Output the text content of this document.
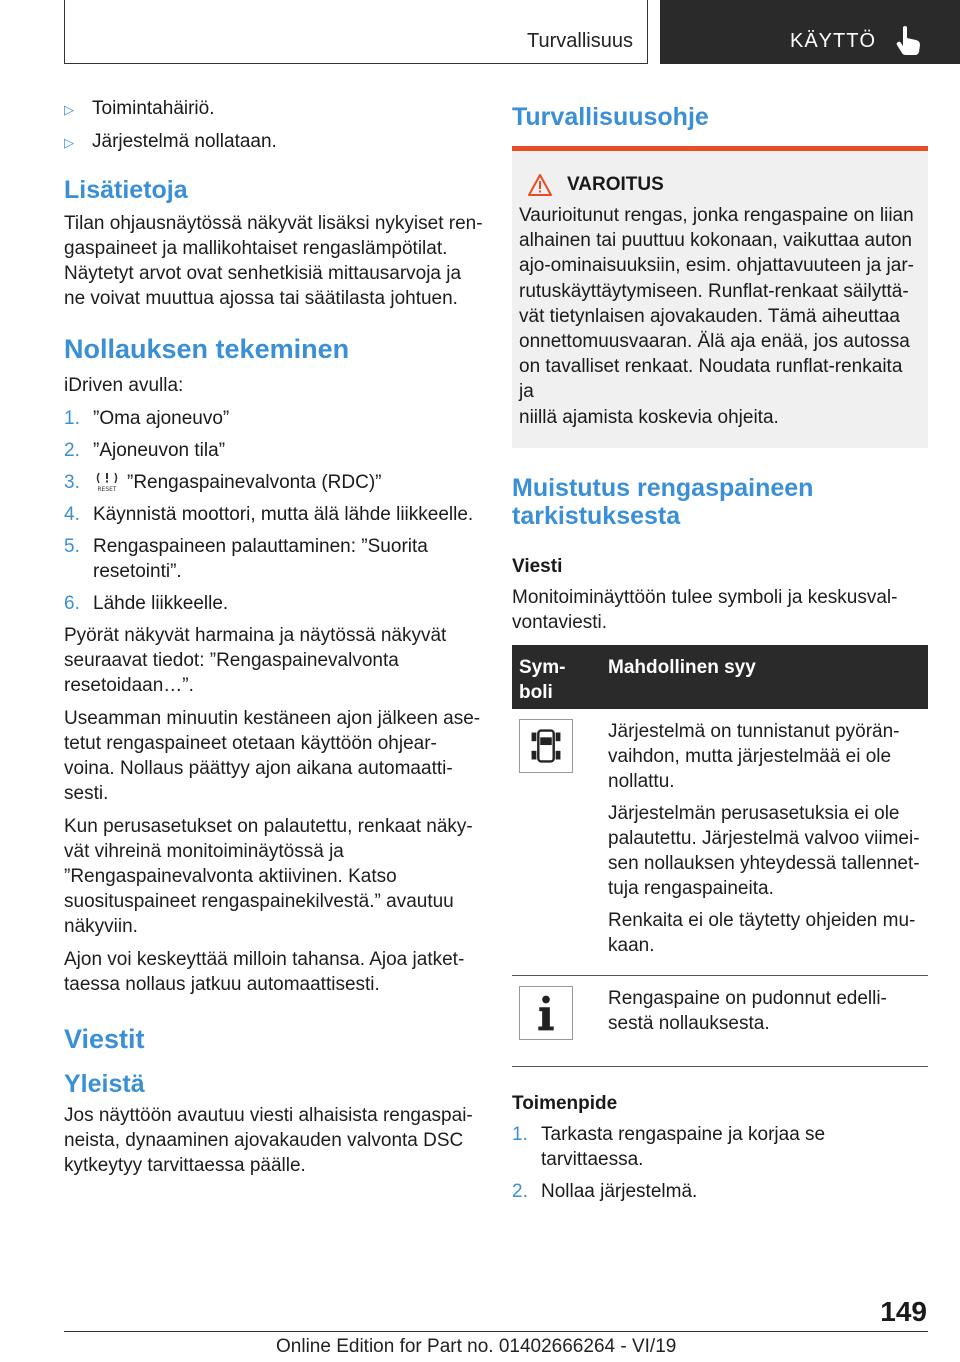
Turvallisuus	KÄYTTÖ
▷ Toimintahäiriö.
▷ Järjestelmä nollataan.
Lisätietoja
Tilan ohjausnäytössä näkyvät lisäksi nykyiset ren‐
gaspaineet ja mallikohtaiset rengaslämpötilat.
Näytetyt arvot ovat senhetkisiä mittausarvoja ja
ne voivat muuttua ajossa tai säätilasta johtuen.
Nollauksen tekeminen
iDriven avulla:
1. ”Oma ajoneuvo”
2. ”Ajoneuvon tila”
3.	RESET ”Rengaspainevalvonta (RDC)”
4. Käynnistä moottori, mutta älä lähde liikkeelle.
5. Rengaspaineen palauttaminen: ”Suorita
resetointi”.
6. Lähde liikkeelle.
Pyörät näkyvät harmaina ja näytössä näkyvät
seuraavat tiedot: ”Rengaspainevalvonta
resetoidaan…”.
Useamman minuutin kestäneen ajon jälkeen ase‐
tetut rengaspaineet otetaan käyttöön ohjear‐
voina. Nollaus päättyy ajon aikana automaatti‐
sesti.
Kun perusasetukset on palautettu, renkaat näky‐
vät vihreinä monitoiminäytössä ja
”Rengaspainevalvonta aktiivinen. Katso
suosituspaineet rengaspainekilvestä.” avautuu
näkyviin.
Ajon voi keskeyttää milloin tahansa. Ajoa jatket‐
taessa nollaus jatkuu automaattisesti.
Viestit
Yleistä
Jos näyttöön avautuu viesti alhaisista rengaspai‐
neista, dynaaminen ajovakauden valvonta DSC
kytkeytyy tarvittaessa päälle.
Turvallisuusohje
VAROITUS
Vaurioitunut rengas, jonka rengaspaine on liian
alhainen tai puuttuu kokonaan, vaikuttaa auton
ajo-ominaisuuksiin, esim. ohjattavuuteen ja jar‐
rutuskäyttäytymiseen. Runflat-renkaat säilyttä‐
vät tietynlaisen ajovakauden. Tämä aiheuttaa
onnettomuusvaaran. Älä aja enää, jos autossa
on tavalliset renkaat. Noudata runflat-renkaita ja
niillä ajamista koskevia ohjeita.
Muistutus rengaspaineen
tarkistuksesta
Viesti
Monitoiminäyttöön tulee symboli ja keskusval‐
vontaviesti.
Sym‐
boli
Mahdollinen syy
Järjestelmä on tunnistanut pyörän‐
vaihdon, mutta järjestelmää ei ole
nollattu.
Järjestelmän perusasetuksia ei ole
palautettu. Järjestelmä valvoo viimei‐
sen nollauksen yhteydessä tallennet‐
tuja rengaspaineita.
Renkaita ei ole täytetty ohjeiden mu‐
kaan.
Rengaspaine on pudonnut edelli‐
sestä nollauksesta.
Toimenpide
1. Tarkasta rengaspaine ja korjaa se tarvittaessa.
2. Nollaa järjestelmä.
149
Online Edition for Part no. 01402666264 - VI/19
